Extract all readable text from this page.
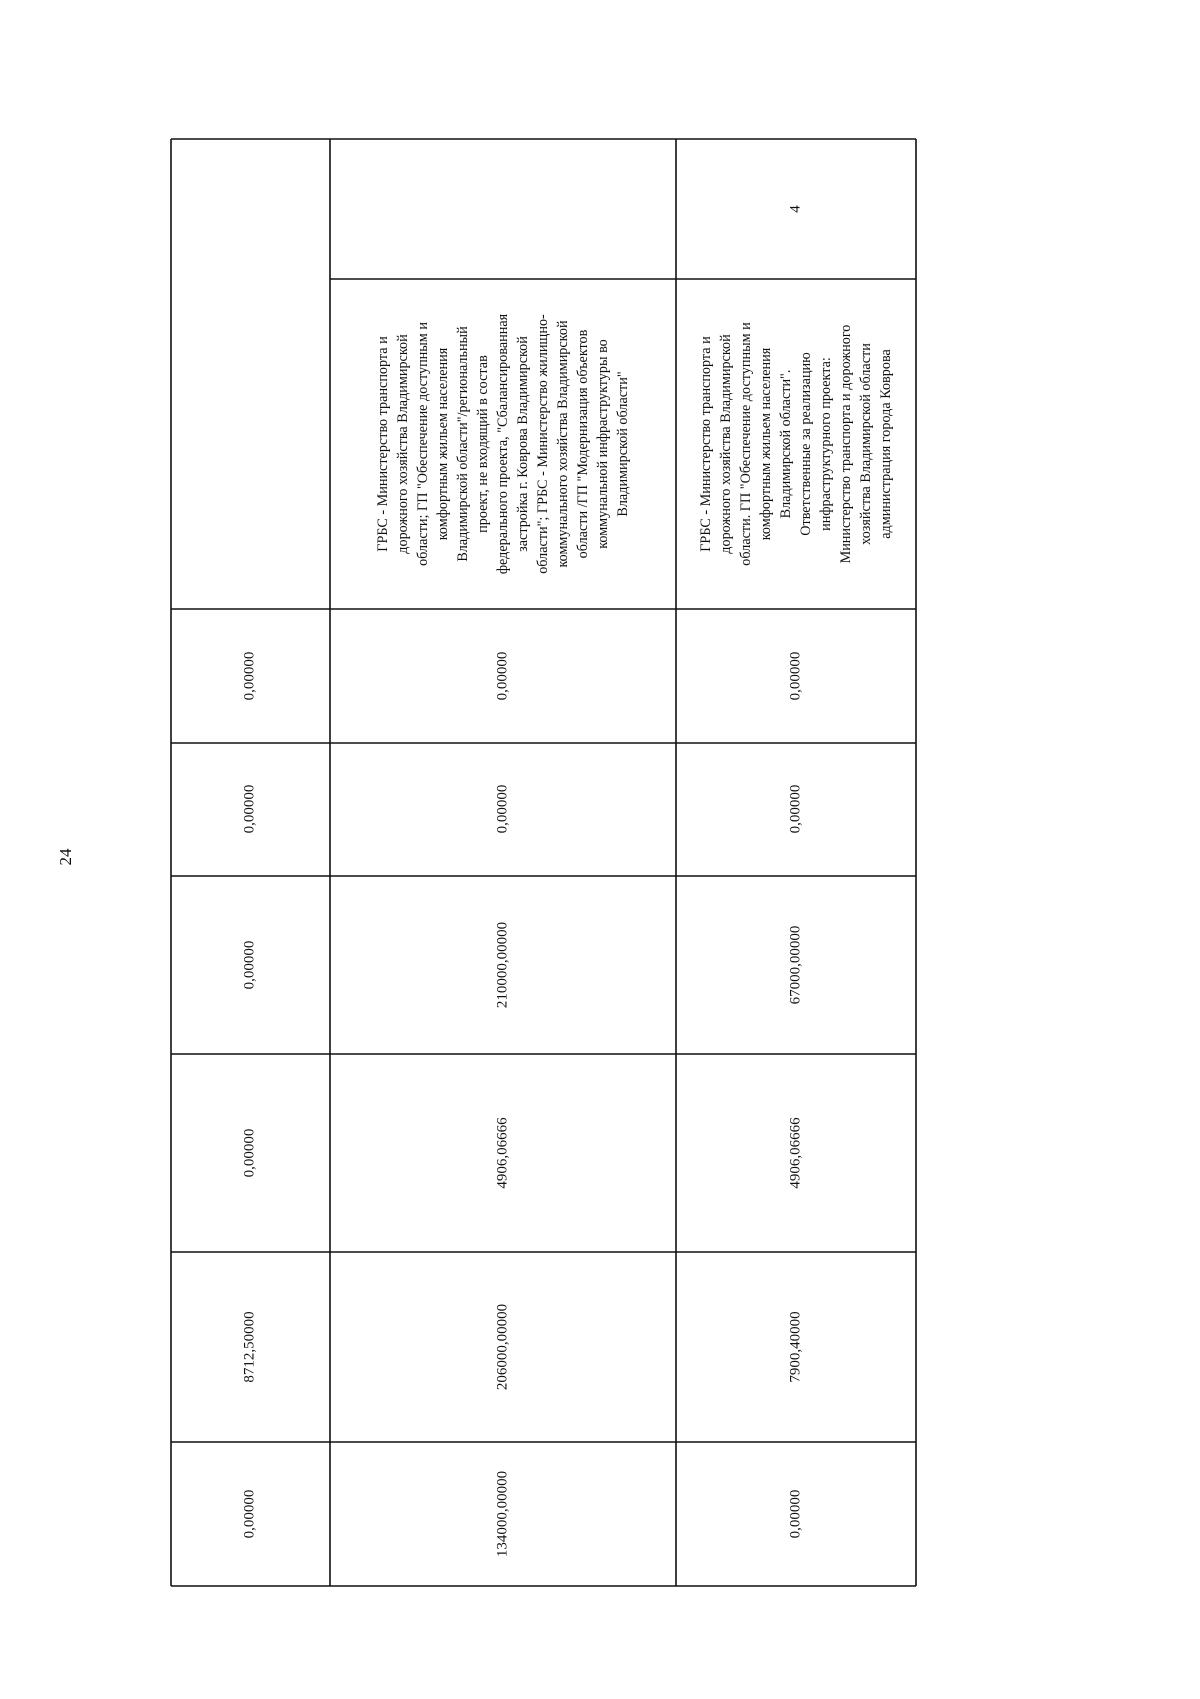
24
0,00000
8712,50000
0,00000
0,00000
0,00000
0,00000
134000,00000
206000,00000
4906,06666
210000,00000
0,00000
0,00000
ГРБС - Министерство транспорта и дорожного хозяйства Владимирской области; ГП "Обеспечение доступным и комфортным жильем населения Владимирской области"/региональный проект, не входящий в состав федерального проекта, "Сбалансированная застройка г. Коврова Владимирской области"; ГРБС - Министерство жилищно- коммунального хозяйства Владимирской области /ГП "Модернизация объектов коммунальной инфраструктуры во Владимирской области"
0,00000
7900,40000
4906,06666
67000,00000
0,00000
0,00000
ГРБС - Министерство транспорта и дорожного хозяйства Владимирской области. ГП "Обеспечение доступным и комфортным жильем населения Владимирской области". Ответственные за реализацию инфраструктурного проекта: Министерство транспорта и дорожного хозяйства Владимирской области администрация города Коврова
4
